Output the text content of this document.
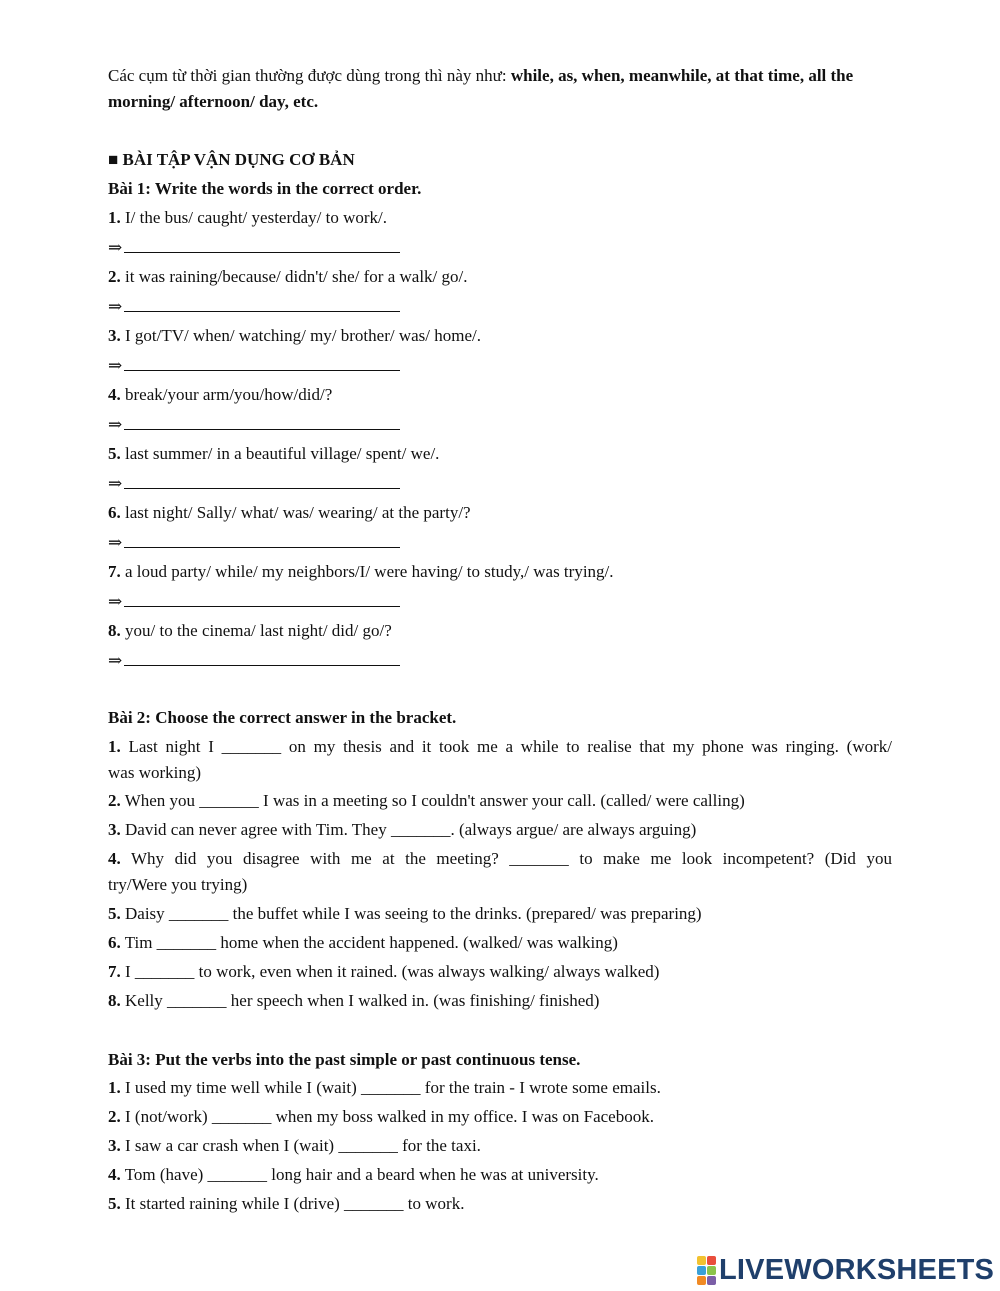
Các cụm từ thời gian thường được dùng trong thì này như: while, as, when, meanwhile, at that time, all the morning/ afternoon/ day, etc.
■ BÀI TẬP VẬN DỤNG CƠ BẢN
Bài 1: Write the words in the correct order.
1. I/ the bus/ caught/ yesterday/ to work/.
⇒
2. it was raining/because/ didn't/ she/ for a walk/ go/.
⇒
3. I got/TV/ when/ watching/ my/ brother/ was/ home/.
⇒
4. break/your arm/you/how/did/?
⇒
5. last summer/ in a beautiful village/ spent/ we/.
⇒
6. last night/ Sally/ what/ was/ wearing/ at the party/?
⇒
7. a loud party/ while/ my neighbors/I/ were having/ to study,/ was trying/.
⇒
8. you/ to the cinema/ last night/ did/ go/?
⇒
Bài 2: Choose the correct answer in the bracket.
1. Last night I _______ on my thesis and it took me a while to realise that my phone was ringing. (work/
was working)
2. When you _______ I was in a meeting so I couldn't answer your call. (called/ were calling)
3. David can never agree with Tim. They _______. (always argue/ are always arguing)
4. Why did you disagree with me at the meeting? _______ to make me look incompetent? (Did you
try/Were you trying)
5. Daisy _______ the buffet while I was seeing to the drinks. (prepared/ was preparing)
6. Tim _______ home when the accident happened. (walked/ was walking)
7. I _______ to work, even when it rained. (was always walking/ always walked)
8. Kelly _______ her speech when I walked in. (was finishing/ finished)
Bài 3: Put the verbs into the past simple or past continuous tense.
1. I used my time well while I (wait) _______ for the train - I wrote some emails.
2. I (not/work) _______ when my boss walked in my office. I was on Facebook.
3. I saw a car crash when I (wait) _______ for the taxi.
4. Tom (have) _______ long hair and a beard when he was at university.
5. It started raining while I (drive) _______ to work.
LIVEWORKSHEETS
